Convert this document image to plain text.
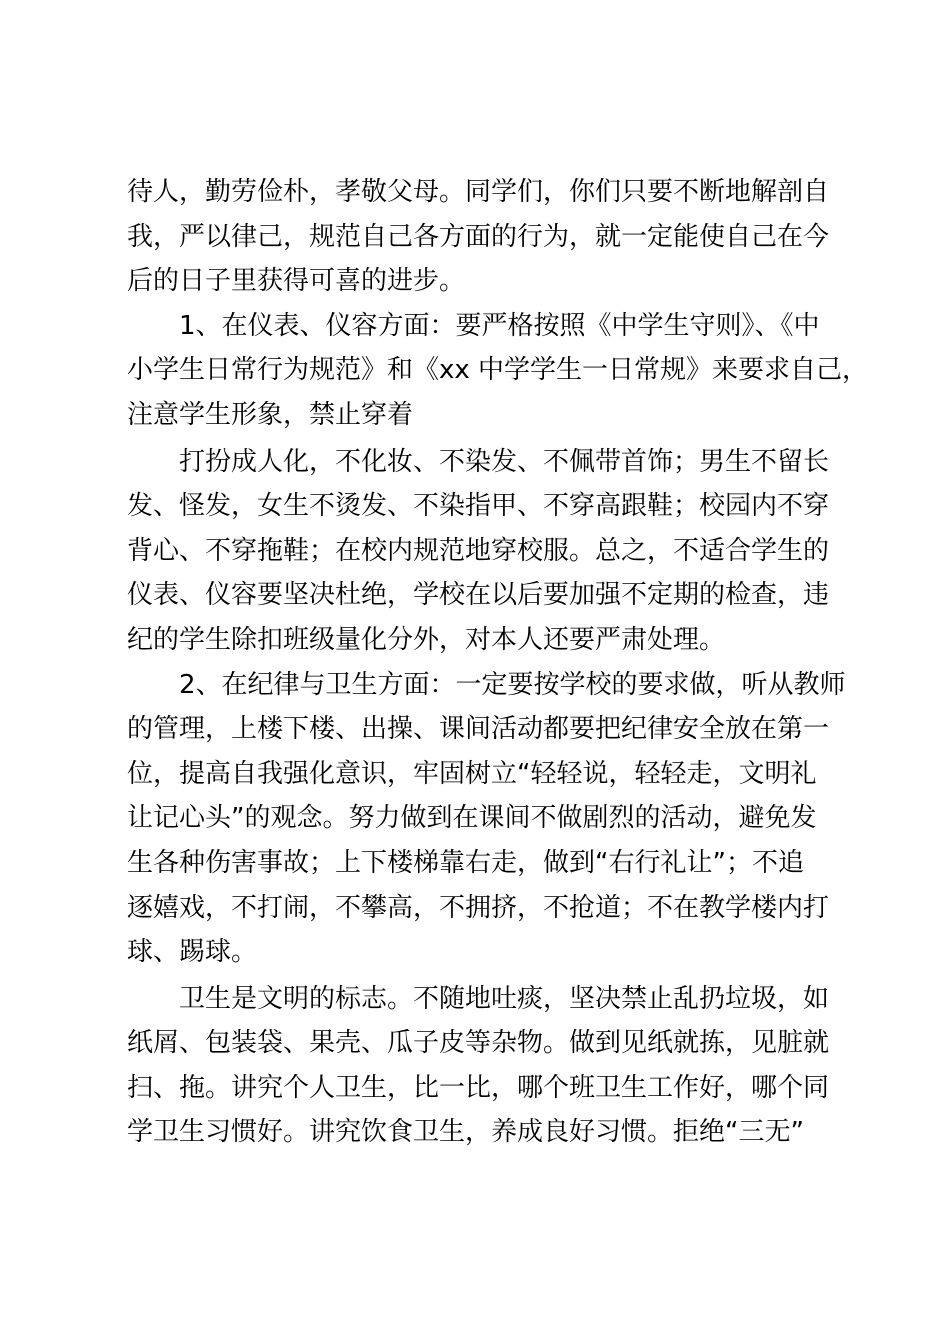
待人，勤劳俭朴，孝敬父母。同学们，你们只要不断地解剖自
我，严以律己，规范自己各方面的行为，就一定能使自己在今
后的日子里获得可喜的进步。
1、在仪表、仪容方面：要严格按照《中学生守则》、《中
小学生日常行为规范》和《xx 中学学生一日常规》来要求自己，
注意学生形象，禁止穿着
打扮成人化，不化妆、不染发、不佩带首饰；男生不留长
发、怪发，女生不烫发、不染指甲、不穿高跟鞋；校园内不穿
背心、不穿拖鞋；在校内规范地穿校服。总之，不适合学生的
仪表、仪容要坚决杜绝，学校在以后要加强不定期的检查，违
纪的学生除扣班级量化分外，对本人还要严肃处理。
2、在纪律与卫生方面：一定要按学校的要求做，听从教师
的管理，上楼下楼、出操、课间活动都要把纪律安全放在第一
位，提高自我强化意识，牢固树立“轻轻说，轻轻走，文明礼
让记心头”的观念。努力做到在课间不做剧烈的活动，避免发
生各种伤害事故；上下楼梯靠右走，做到“右行礼让”；不追
逐嬉戏，不打闹，不攀高，不拥挤，不抢道；不在教学楼内打
球、踢球。
卫生是文明的标志。不随地吐痰，坚决禁止乱扔垃圾，如
纸屑、包装袋、果壳、瓜子皮等杂物。做到见纸就拣，见脏就
扫、拖。讲究个人卫生，比一比，哪个班卫生工作好，哪个同
学卫生习惯好。讲究饮食卫生，养成良好习惯。拒绝“三无”
